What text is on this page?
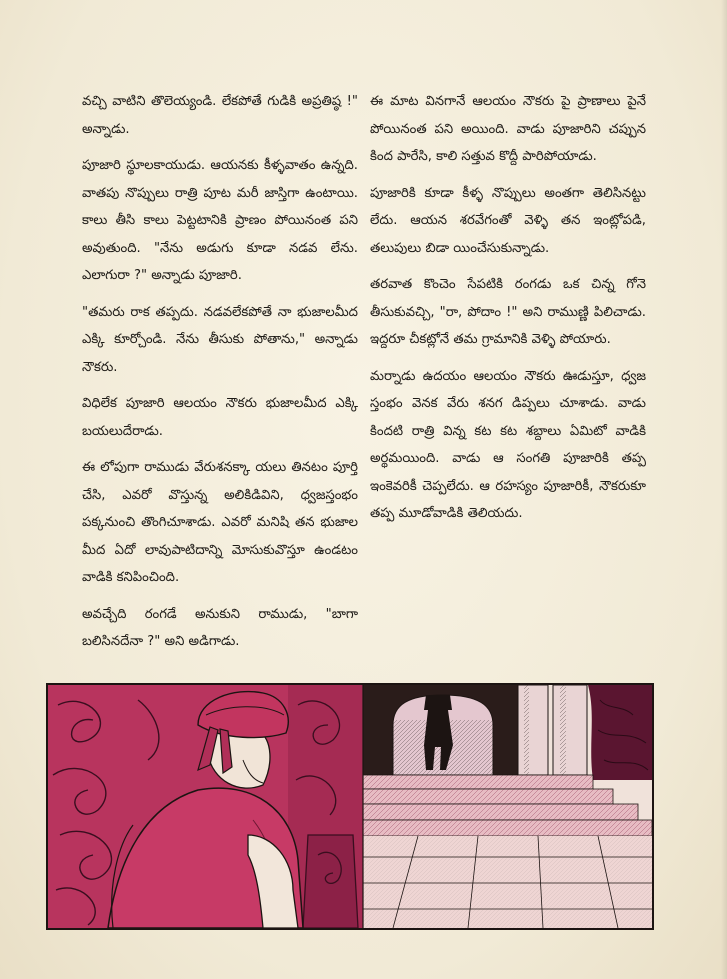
వచ్చి వాటిని తొలెయ్యండి. లేకపోతే గుడికి అప్రతిష్ఠ !" అన్నాడు.

పూజారి స్థూలకాయుడు. ఆయనకు కీళ్ళవాతం ఉన్నది. వాతపు నొప్పులు రాత్రి పూట మరీ జాస్తిగా ఉంటాయి. కాలు తీసి కాలు పెట్టటానికి ప్రాణం పోయినంత పని అవుతుంది. "నేను అడుగు కూడా నడవ లేను. ఎలాగురా ?" అన్నాడు పూజారి.

"తమరు రాక తప్పదు. నడవలేకపోతే నా భుజాలమీద ఎక్కి కూర్చోండి. నేను తీసుకు పోతాను," అన్నాడు నౌకరు.

విధిలేక పూజారి ఆలయం నౌకరు భుజాలమీద ఎక్కి బయలుదేరాడు.

ఈ లోపుగా రాముడు వేరుశనక్కా యలు తినటం పూర్తి చేసి, ఎవరో వొస్తున్న అలికిడివిని, ధ్వజస్తంభం పక్కనుంచి తొంగిచూశాడు. ఎవరో మనిషి తన భుజాల మీద ఏదో లావుపాటిదాన్ని మోసుకువొస్తూ ఉండటం వాడికి కనిపించింది.

అవచ్చేది రంగడే అనుకుని రాముడు, "బాగా బలిసినదేనా ?" అని అడిగాడు.

ఈ మాట వినగానే ఆలయం నౌకరు పై ప్రాణాలు పైనే పోయినంత పని అయింది. వాడు పూజారిని చప్పున కింద పారేసి, కాలి సత్తువ కొద్దీ పారిపోయాడు.

పూజారికి కూడా కీళ్ళ నొప్పులు అంతగా తెలిసినట్టు లేదు. ఆయన శరవేగంతో వెళ్ళి తన ఇంట్లోపడి, తలుపులు బిడా యించేసుకున్నాడు.

తరవాత కొంచెం సేపటికి రంగడు ఒక చిన్న గోనె తీసుకువచ్చి, "రా, పోదాం !" అని రాముణ్ణి పిలిచాడు. ఇద్దరూ చీకట్లోనే తమ గ్రామానికి వెళ్ళి పోయారు.

మర్నాడు ఉదయం ఆలయం నౌకరు ఊడుస్తూ, ధ్వజ స్తంభం వెనక వేరు శనగ డిప్పలు చూశాడు. వాడు కిందటి రాత్రి విన్న కట కట శబ్దాలు ఏమిటో వాడికి అర్థమయింది. వాడు ఆ సంగతి పూజారికి తప్ప ఇంకెవరికీ చెప్పలేదు. ఆ రహస్యం పూజారికీ, నౌకరుకూ తప్ప మూడోవాడికి తెలియదు.
